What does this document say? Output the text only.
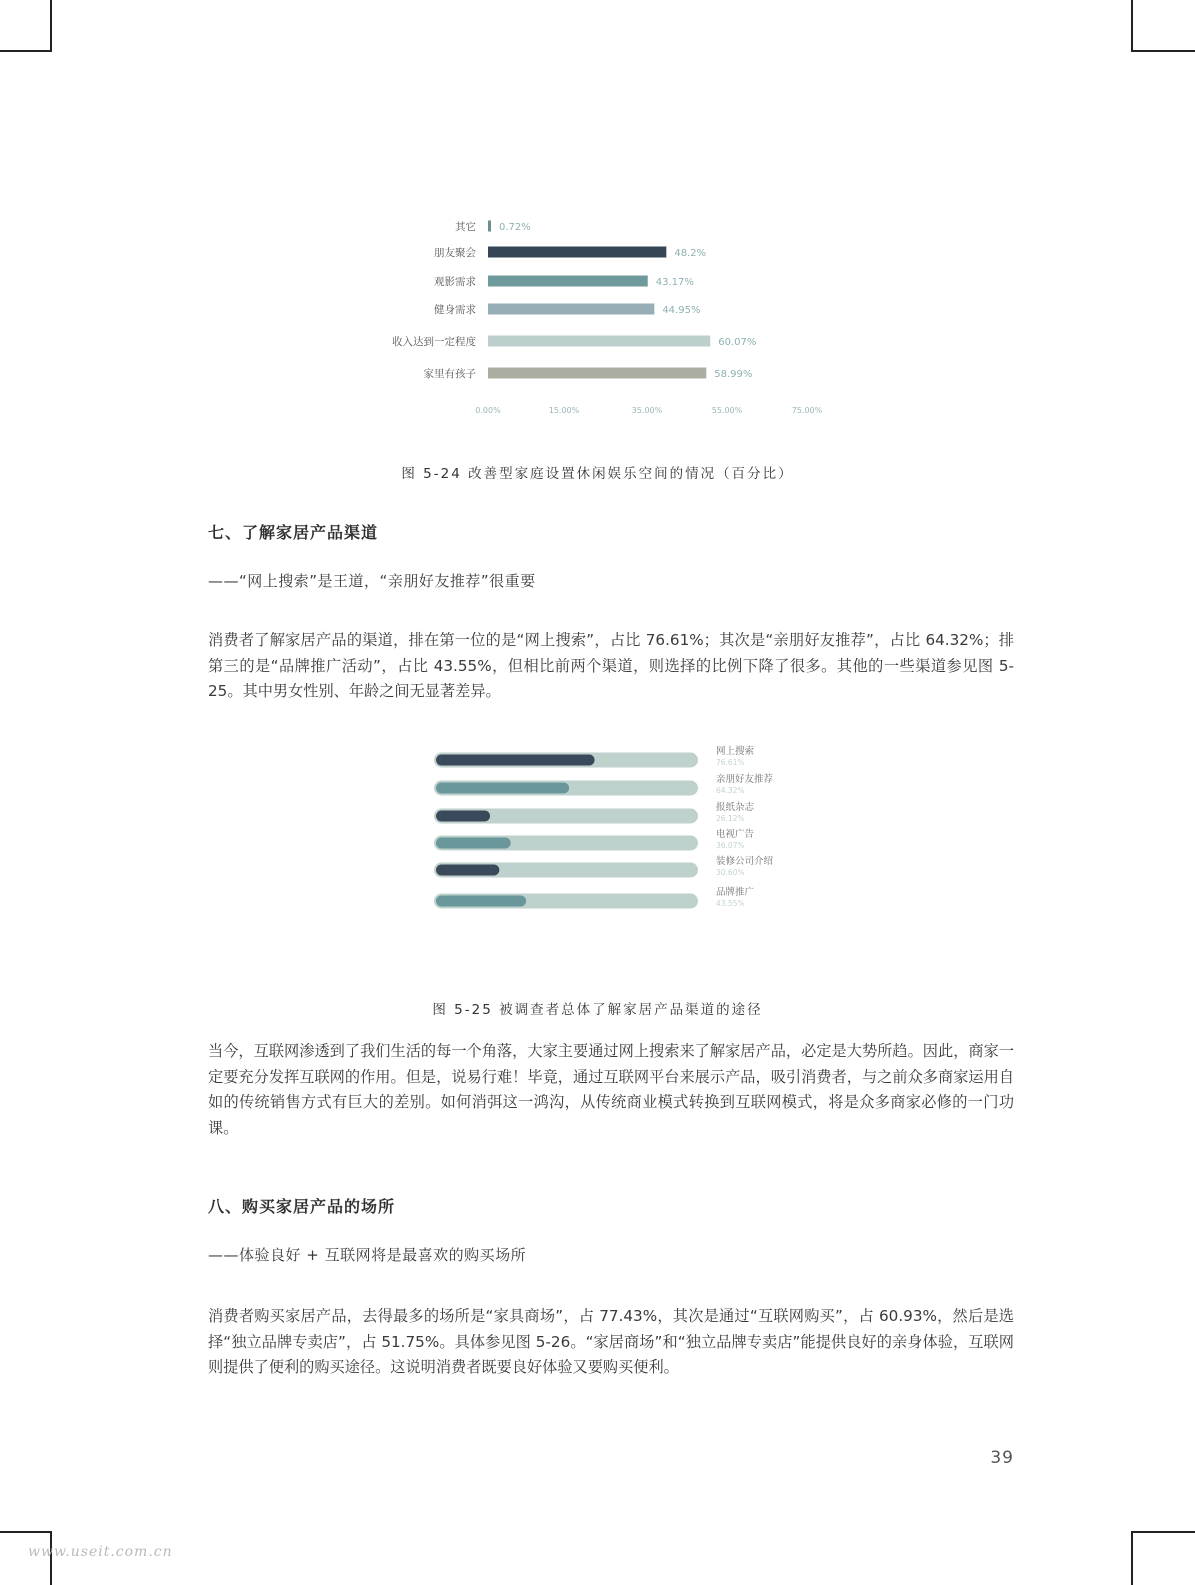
其它 0.72%
朋友聚会	48.2%
观影需求	43.17%
健身需求	44.95%
收入达到一定程度	60.07%
家里有孩子	58.99%
0.00%	15.00%	35.00%	55.00%	75.00%
图 5-24 改善型家庭设置休闲娱乐空间的情况（百分比）
七、了解家居产品渠道
——“网上搜索”是王道，“亲朋好友推荐”很重要
消费者了解家居产品的渠道，排在第一位的是“网上搜索”，占比 76.61%；其次是“亲朋好友推荐”，占比 64.32%；排第三的是“品牌推广活动”，占比 43.55%，但相比前两个渠道，则选择的比例下降了很多。其他的一些渠道参见图 5-25。其中男女性别、年龄之间无显著差异。
网上搜索
76.61%
亲朋好友推荐
64.32%
报纸杂志
26.12%
电视广告
36.07%
装修公司介绍
30.60%
品牌推广
43.55%
图 5-25 被调查者总体了解家居产品渠道的途径
当今，互联网渗透到了我们生活的每一个角落，大家主要通过网上搜索来了解家居产品，必定是大势所趋。因此，商家一定要充分发挥互联网的作用。但是，说易行难！毕竟，通过互联网平台来展示产品，吸引消费者，与之前众多商家运用自如的传统销售方式有巨大的差别。如何消弭这一鸿沟，从传统商业模式转换到互联网模式，将是众多商家必修的一门功课。
八、购买家居产品的场所
——体验良好 + 互联网将是最喜欢的购买场所
消费者购买家居产品，去得最多的场所是“家具商场”，占 77.43%，其次是通过“互联网购买”，占 60.93%，然后是选择“独立品牌专卖店”，占 51.75%。具体参见图 5-26。“家居商场”和“独立品牌专卖店”能提供良好的亲身体验，互联网则提供了便利的购买途径。这说明消费者既要良好体验又要购买便利。
39
www.useit.com.cn
